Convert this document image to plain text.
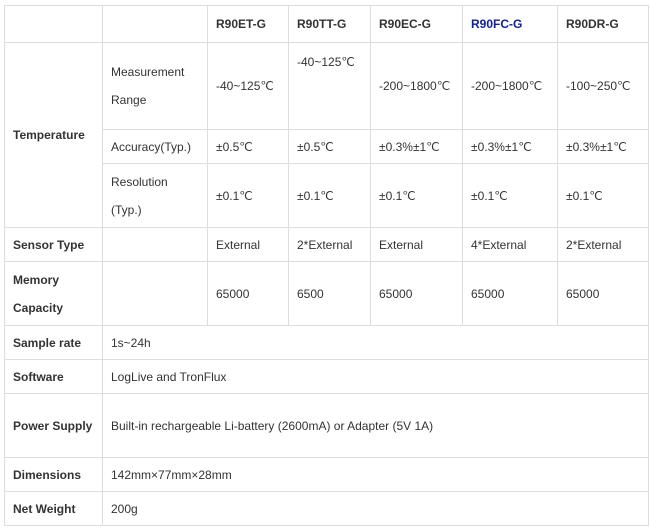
		R90ET-G	R90TT-G	R90EC-G	R90FC-G	R90DR-G
Temperature	Measurement Range	-40~125℃	-40~125℃	-200~1800℃	-200~1800℃	-100~250℃
	Accuracy(Typ.)	±0.5℃	±0.5℃	±0.3%±1℃	±0.3%±1℃	±0.3%±1℃
	Resolution (Typ.)	±0.1℃	±0.1℃	±0.1℃	±0.1℃	±0.1℃
Sensor Type		External	2*External	External	4*External	2*External
Memory Capacity		65000	6500	65000	65000	65000
Sample rate	1s~24h					
Software	LogLive and TronFlux					
Power Supply	Built-in rechargeable Li-battery (2600mA) or Adapter (5V 1A)					
Dimensions	142mm×77mm×28mm					
Net Weight	200g					
